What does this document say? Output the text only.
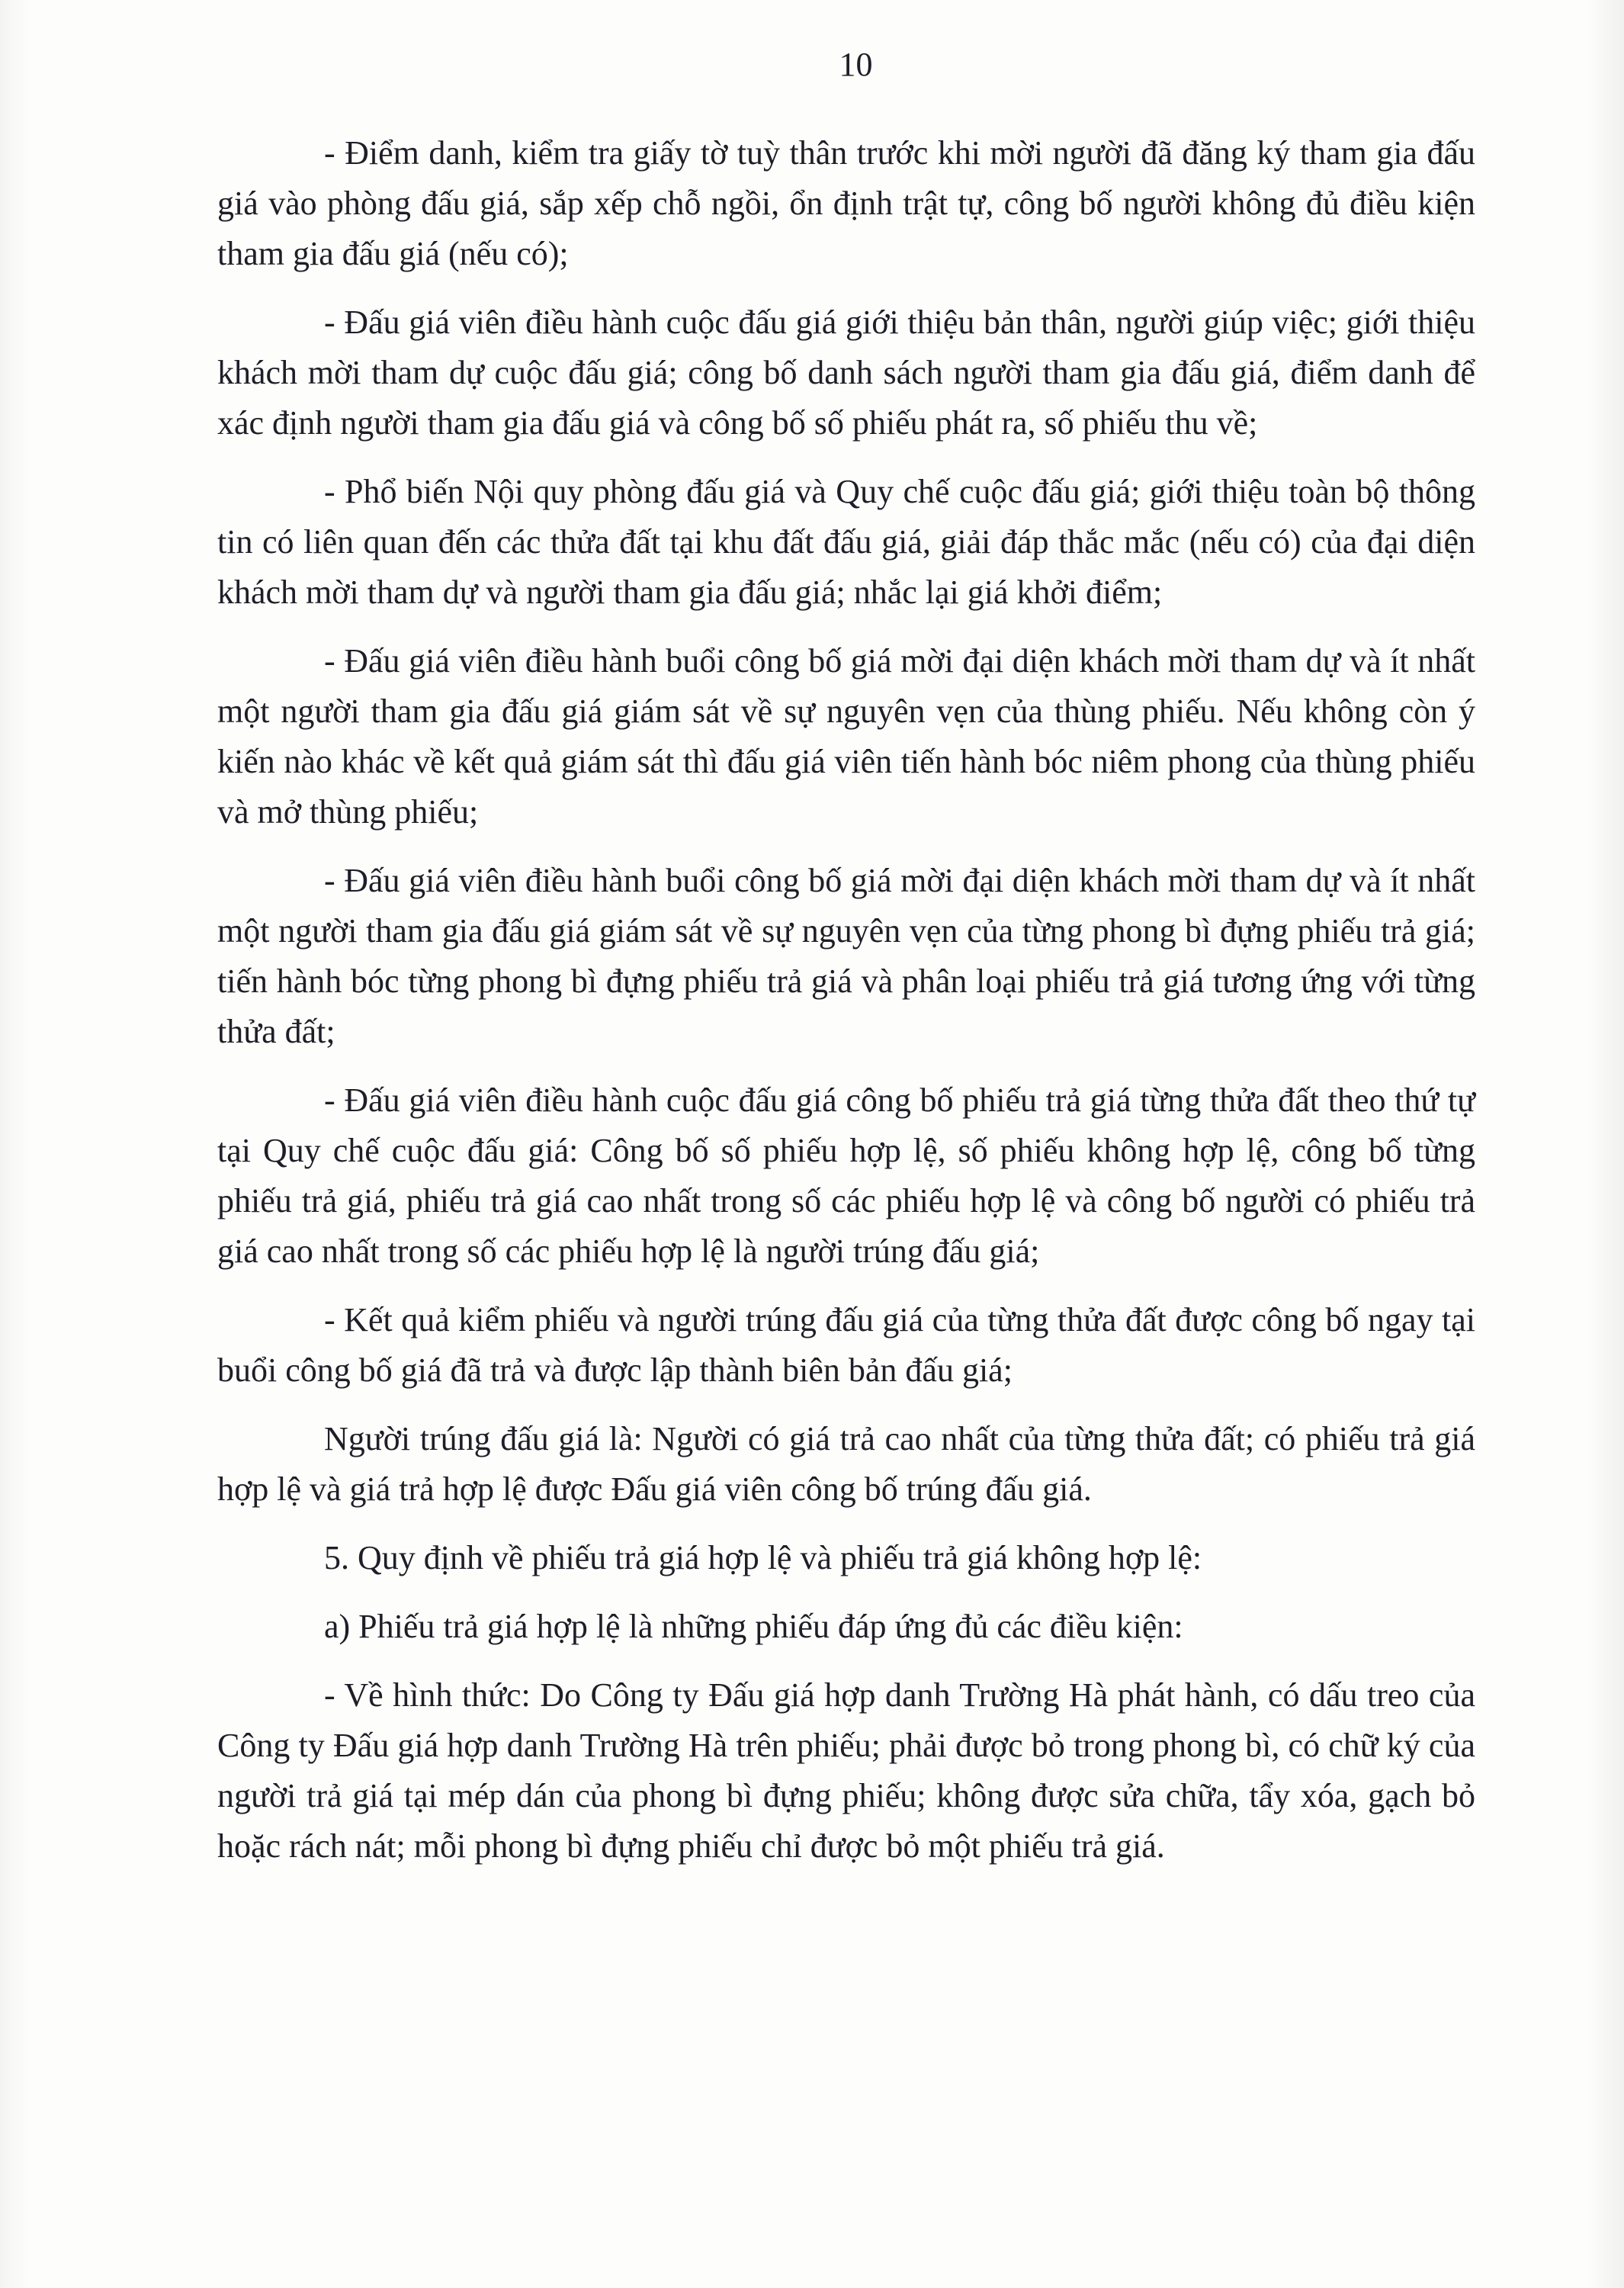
10

- Điểm danh, kiểm tra giấy tờ tuỳ thân trước khi mời người đã đăng ký tham gia đấu giá vào phòng đấu giá, sắp xếp chỗ ngồi, ổn định trật tự, công bố người không đủ điều kiện tham gia đấu giá (nếu có);

- Đấu giá viên điều hành cuộc đấu giá giới thiệu bản thân, người giúp việc; giới thiệu khách mời tham dự cuộc đấu giá; công bố danh sách người tham gia đấu giá, điểm danh để xác định người tham gia đấu giá và công bố số phiếu phát ra, số phiếu thu về;

- Phổ biến Nội quy phòng đấu giá và Quy chế cuộc đấu giá; giới thiệu toàn bộ thông tin có liên quan đến các thửa đất tại khu đất đấu giá, giải đáp thắc mắc (nếu có) của đại diện khách mời tham dự và người tham gia đấu giá; nhắc lại giá khởi điểm;

- Đấu giá viên điều hành buổi công bố giá mời đại diện khách mời tham dự và ít nhất một người tham gia đấu giá giám sát về sự nguyên vẹn của thùng phiếu. Nếu không còn ý kiến nào khác về kết quả giám sát thì đấu giá viên tiến hành bóc niêm phong của thùng phiếu và mở thùng phiếu;

- Đấu giá viên điều hành buổi công bố giá mời đại diện khách mời tham dự và ít nhất một người tham gia đấu giá giám sát về sự nguyên vẹn của từng phong bì đựng phiếu trả giá; tiến hành bóc từng phong bì đựng phiếu trả giá và phân loại phiếu trả giá tương ứng với từng thửa đất;

- Đấu giá viên điều hành cuộc đấu giá công bố phiếu trả giá từng thửa đất theo thứ tự tại Quy chế cuộc đấu giá: Công bố số phiếu hợp lệ, số phiếu không hợp lệ, công bố từng phiếu trả giá, phiếu trả giá cao nhất trong số các phiếu hợp lệ và công bố người có phiếu trả giá cao nhất trong số các phiếu hợp lệ là người trúng đấu giá;

- Kết quả kiểm phiếu và người trúng đấu giá của từng thửa đất được công bố ngay tại buổi công bố giá đã trả và được lập thành biên bản đấu giá;

Người trúng đấu giá là: Người có giá trả cao nhất của từng thửa đất; có phiếu trả giá hợp lệ và giá trả hợp lệ được Đấu giá viên công bố trúng đấu giá.

5. Quy định về phiếu trả giá hợp lệ và phiếu trả giá không hợp lệ:

a) Phiếu trả giá hợp lệ là những phiếu đáp ứng đủ các điều kiện:

- Về hình thức: Do Công ty Đấu giá hợp danh Trường Hà phát hành, có dấu treo của Công ty Đấu giá hợp danh Trường Hà trên phiếu; phải được bỏ trong phong bì, có chữ ký của người trả giá tại mép dán của phong bì đựng phiếu; không được sửa chữa, tẩy xóa, gạch bỏ hoặc rách nát; mỗi phong bì đựng phiếu chỉ được bỏ một phiếu trả giá.
